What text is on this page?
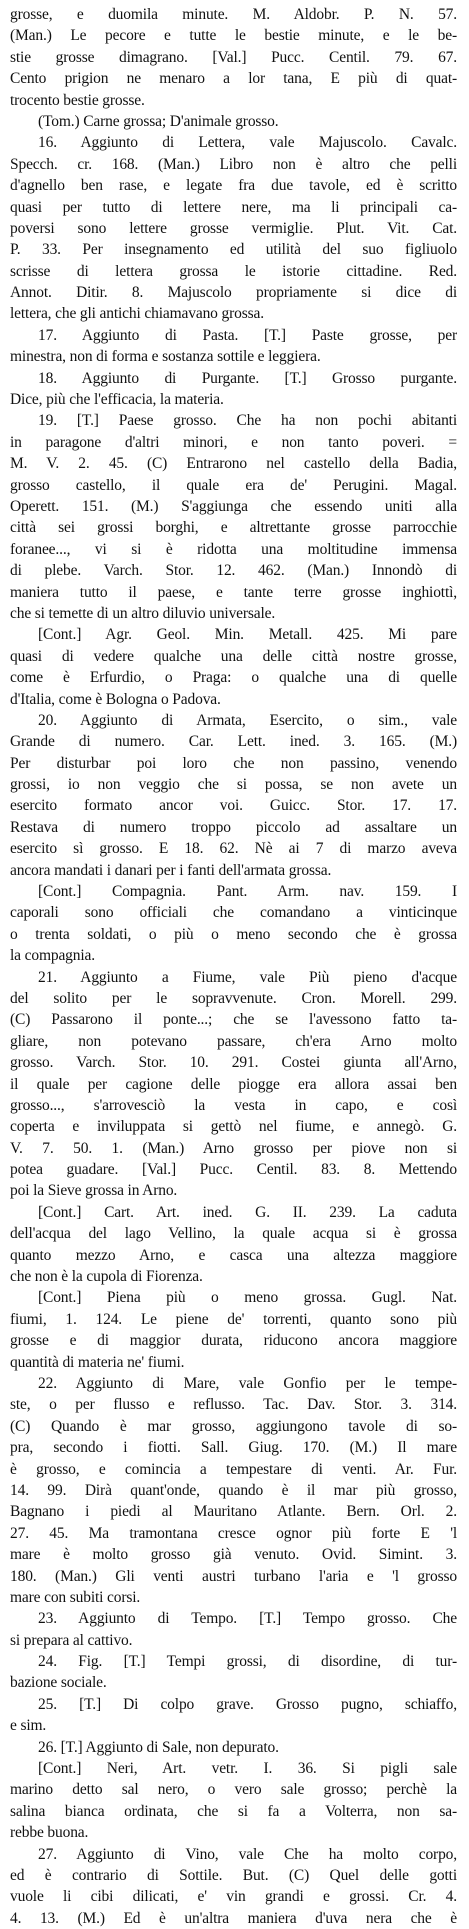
grosse, e duomila minute. M. Aldobr. P. N. 57.
(Man.) Le pecore e tutte le bestie minute, e le be-
stie grosse dimagrano. [Val.] Pucc. Centil. 79. 67.
Cento prigion ne menaro a lor tana, E più di quat-
trocento bestie grosse.
(Tom.) Carne grossa; D'animale grosso.
16. Aggiunto di Lettera, vale Majuscolo. Cavalc.
Specch. cr. 168. (Man.) Libro non è altro che pelli
d'agnello ben rase, e legate fra due tavole, ed è scritto
quasi per tutto di lettere nere, ma li principali ca-
poversi sono lettere grosse vermiglie. Plut. Vit. Cat.
P. 33. Per insegnamento ed utilità del suo figliuolo
scrisse di lettera grossa le istorie cittadine. Red.
Annot. Ditir. 8. Majuscolo propriamente si dice di
lettera, che gli antichi chiamavano grossa.
17. Aggiunto di Pasta. [T.] Paste grosse, per
minestra, non di forma e sostanza sottile e leggiera.
18. Aggiunto di Purgante. [T.] Grosso purgante.
Dice, più che l'efficacia, la materia.
19. [T.] Paese grosso. Che ha non pochi abitanti
in paragone d'altri minori, e non tanto poveri. =
M. V. 2. 45. (C) Entrarono nel castello della Badia,
grosso castello, il quale era de' Perugini. Magal.
Operett. 151. (M.) S'aggiunga che essendo uniti alla
città sei grossi borghi, e altrettante grosse parrocchie
foranee..., vi si è ridotta una moltitudine immensa
di plebe. Varch. Stor. 12. 462. (Man.) Innondò di
maniera tutto il paese, e tante terre grosse inghiottì,
che si temette di un altro diluvio universale.
[Cont.] Agr. Geol. Min. Metall. 425. Mi pare
quasi di vedere qualche una delle città nostre grosse,
come è Erfurdio, o Praga: o qualche una di quelle
d'Italia, come è Bologna o Padova.
20. Aggiunto di Armata, Esercito, o sim., vale
Grande di numero. Car. Lett. ined. 3. 165. (M.)
Per disturbar poi loro che non passino, venendo
grossi, io non veggio che si possa, se non avete un
esercito formato ancor voi. Guicc. Stor. 17. 17.
Restava di numero troppo piccolo ad assaltare un
esercito sì grosso. E 18. 62. Nè ai 7 di marzo aveva
ancora mandati i danari per i fanti dell'armata grossa.
[Cont.] Compagnia. Pant. Arm. nav. 159. I
caporali sono officiali che comandano a vinticinque
o trenta soldati, o più o meno secondo che è grossa
la compagnia.
21. Aggiunto a Fiume, vale Più pieno d'acque
del solito per le sopravvenute. Cron. Morell. 299.
(C) Passarono il ponte...; che se l'avessono fatto ta-
gliare, non potevano passare, ch'era Arno molto
grosso. Varch. Stor. 10. 291. Costei giunta all'Arno,
il quale per cagione delle piogge era allora assai ben
grosso..., s'arrovesciò la vesta in capo, e così
coperta e inviluppata si gettò nel fiume, e annegò. G.
V. 7. 50. 1. (Man.) Arno grosso per piove non si
potea guadare. [Val.] Pucc. Centil. 83. 8. Mettendo
poi la Sieve grossa in Arno.
[Cont.] Cart. Art. ined. G. II. 239. La caduta
dell'acqua del lago Vellino, la quale acqua si è grossa
quanto mezzo Arno, e casca una altezza maggiore
che non è la cupola di Fiorenza.
[Cont.] Piena più o meno grossa. Gugl. Nat.
fiumi, 1. 124. Le piene de' torrenti, quanto sono più
grosse e di maggior durata, riducono ancora maggiore
quantità di materia ne' fiumi.
22. Aggiunto di Mare, vale Gonfio per le tempe-
ste, o per flusso e reflusso. Tac. Dav. Stor. 3. 314.
(C) Quando è mar grosso, aggiungono tavole di so-
pra, secondo i fiotti. Sall. Giug. 170. (M.) Il mare
è grosso, e comincia a tempestare di venti. Ar. Fur.
14. 99. Dirà quant'onde, quando è il mar più grosso,
Bagnano i piedi al Mauritano Atlante. Bern. Orl. 2.
27. 45. Ma tramontana cresce ognor più forte E 'l
mare è molto grosso già venuto. Ovid. Simint. 3.
180. (Man.) Gli venti austri turbano l'aria e 'l grosso
mare con subiti corsi.
23. Aggiunto di Tempo. [T.] Tempo grosso. Che
si prepara al cattivo.
24. Fig. [T.] Tempi grossi, di disordine, di tur-
bazione sociale.
25. [T.] Di colpo grave. Grosso pugno, schiaffo,
e sim.
26. [T.] Aggiunto di Sale, non depurato.
[Cont.] Neri, Art. vetr. I. 36. Si pigli sale
marino detto sal nero, o vero sale grosso; perchè la
salina bianca ordinata, che si fa a Volterra, non sa-
rebbe buona.
27. Aggiunto di Vino, vale Che ha molto corpo,
ed è contrario di Sottile. But. (C) Quel delle gotti
vuole li cibi dilicati, e' vin grandi e grossi. Cr. 4.
4. 13. (M.) Ed è un'altra maniera d'uva nera che è
